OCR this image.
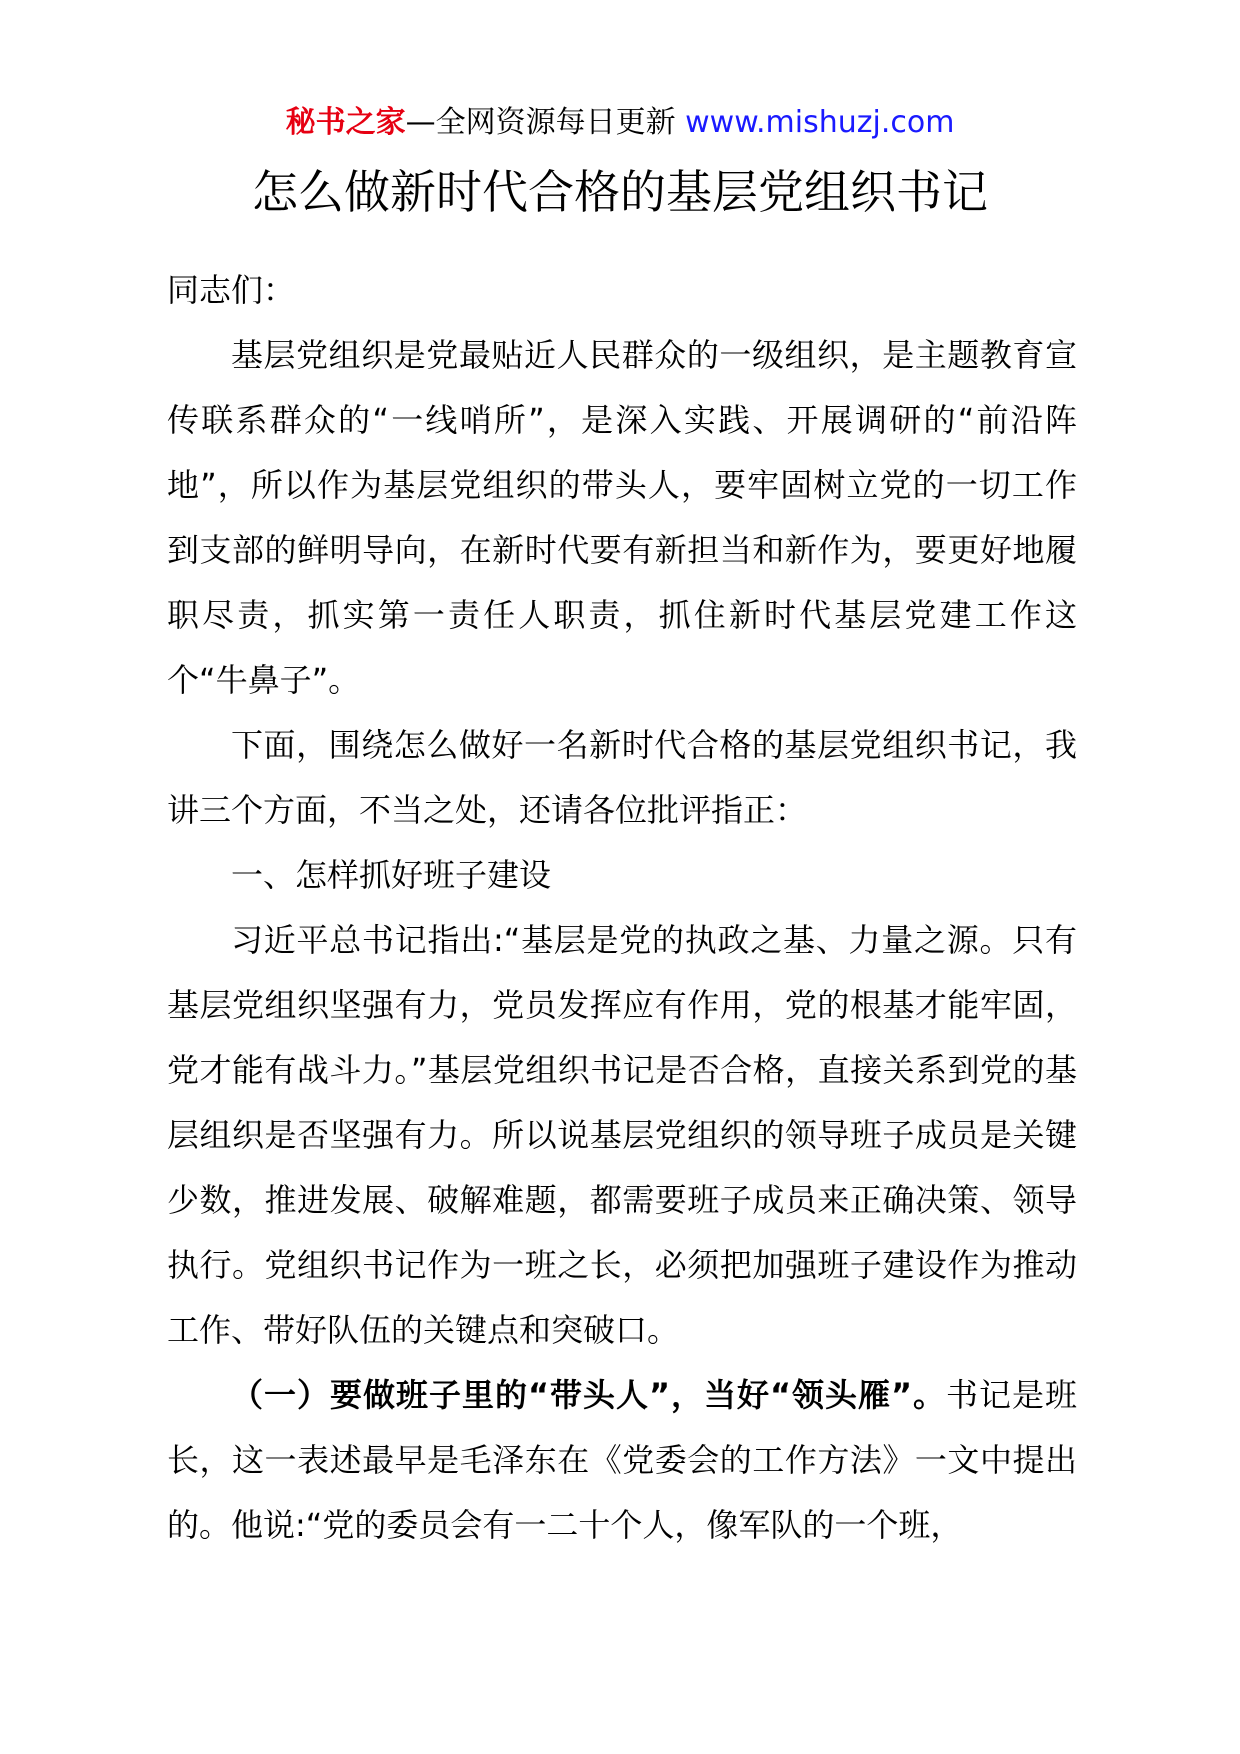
秘书之家—全网资源每日更新 www.mishuzj.com
怎么做新时代合格的基层党组织书记

同志们：

基层党组织是党最贴近人民群众的一级组织，是主题教育宣传联系群众的“一线哨所”，是深入实践、开展调研的“前沿阵地”，所以作为基层党组织的带头人，要牢固树立党的一切工作到支部的鲜明导向，在新时代要有新担当和新作为，要更好地履职尽责，抓实第一责任人职责，抓住新时代基层党建工作这个“牛鼻子”。

下面，围绕怎么做好一名新时代合格的基层党组织书记，我讲三个方面，不当之处，还请各位批评指正：

一、怎样抓好班子建设

习近平总书记指出:“基层是党的执政之基、力量之源。只有基层党组织坚强有力，党员发挥应有作用，党的根基才能牢固，党才能有战斗力。”基层党组织书记是否合格，直接关系到党的基层组织是否坚强有力。所以说基层党组织的领导班子成员是关键少数，推进发展、破解难题，都需要班子成员来正确决策、领导执行。党组织书记作为一班之长，必须把加强班子建设作为推动工作、带好队伍的关键点和突破口。

（一）要做班子里的“带头人”，当好“领头雁”。书记是班长，这一表述最早是毛泽东在《党委会的工作方法》一文中提出的。他说:“党的委员会有一二十个人，像军队的一个班，
